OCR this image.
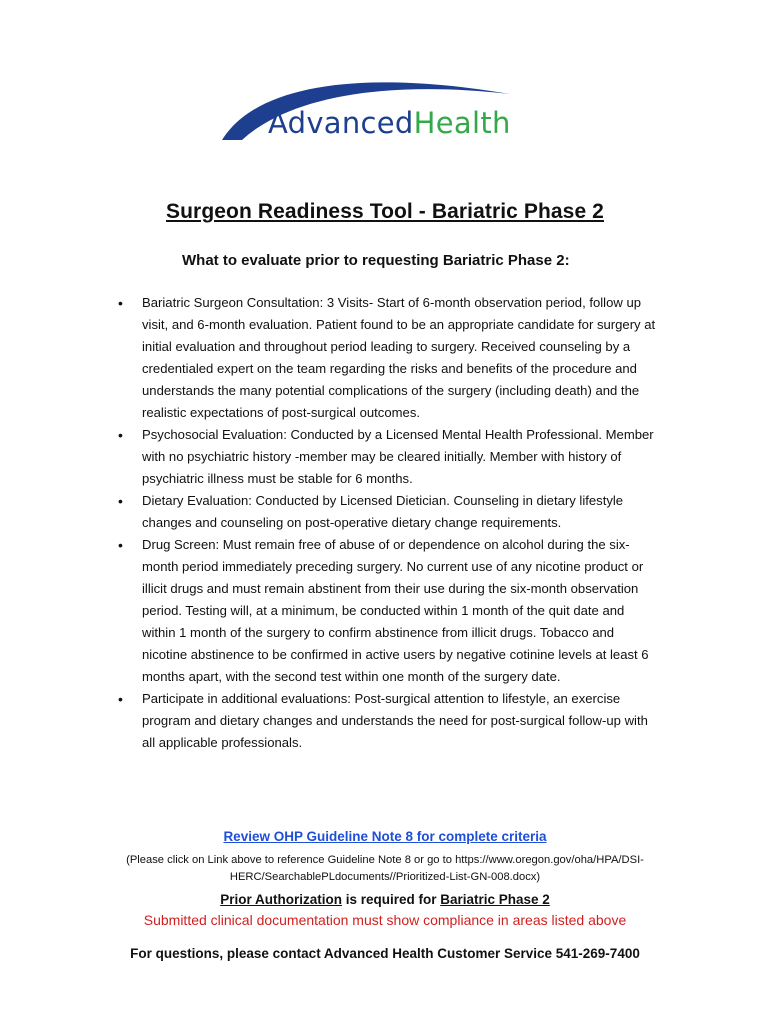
AdvancedHealth
Surgeon Readiness Tool - Bariatric Phase 2
What to evaluate prior to requesting Bariatric Phase 2:
• Bariatric Surgeon Consultation: 3 Visits- Start of 6-month observation period, follow up visit, and 6-month evaluation. Patient found to be an appropriate candidate for surgery at initial evaluation and throughout period leading to surgery. Received counseling by a credentialed expert on the team regarding the risks and benefits of the procedure and understands the many potential complications of the surgery (including death) and the realistic expectations of post-surgical outcomes.
• Psychosocial Evaluation: Conducted by a Licensed Mental Health Professional. Member with no psychiatric history -member may be cleared initially. Member with history of psychiatric illness must be stable for 6 months.
• Dietary Evaluation: Conducted by Licensed Dietician. Counseling in dietary lifestyle changes and counseling on post-operative dietary change requirements.
• Drug Screen: Must remain free of abuse of or dependence on alcohol during the six-month period immediately preceding surgery. No current use of any nicotine product or illicit drugs and must remain abstinent from their use during the six-month observation period. Testing will, at a minimum, be conducted within 1 month of the quit date and within 1 month of the surgery to confirm abstinence from illicit drugs. Tobacco and nicotine abstinence to be confirmed in active users by negative cotinine levels at least 6 months apart, with the second test within one month of the surgery date.
• Participate in additional evaluations: Post-surgical attention to lifestyle, an exercise program and dietary changes and understands the need for post-surgical follow-up with all applicable professionals.
Review OHP Guideline Note 8 for complete criteria
(Please click on Link above to reference Guideline Note 8 or go to https://www.oregon.gov/oha/HPA/DSI-HERC/SearchablePLdocuments//Prioritized-List-GN-008.docx)
Prior Authorization is required for Bariatric Phase 2
Submitted clinical documentation must show compliance in areas listed above
For questions, please contact Advanced Health Customer Service 541-269-7400
